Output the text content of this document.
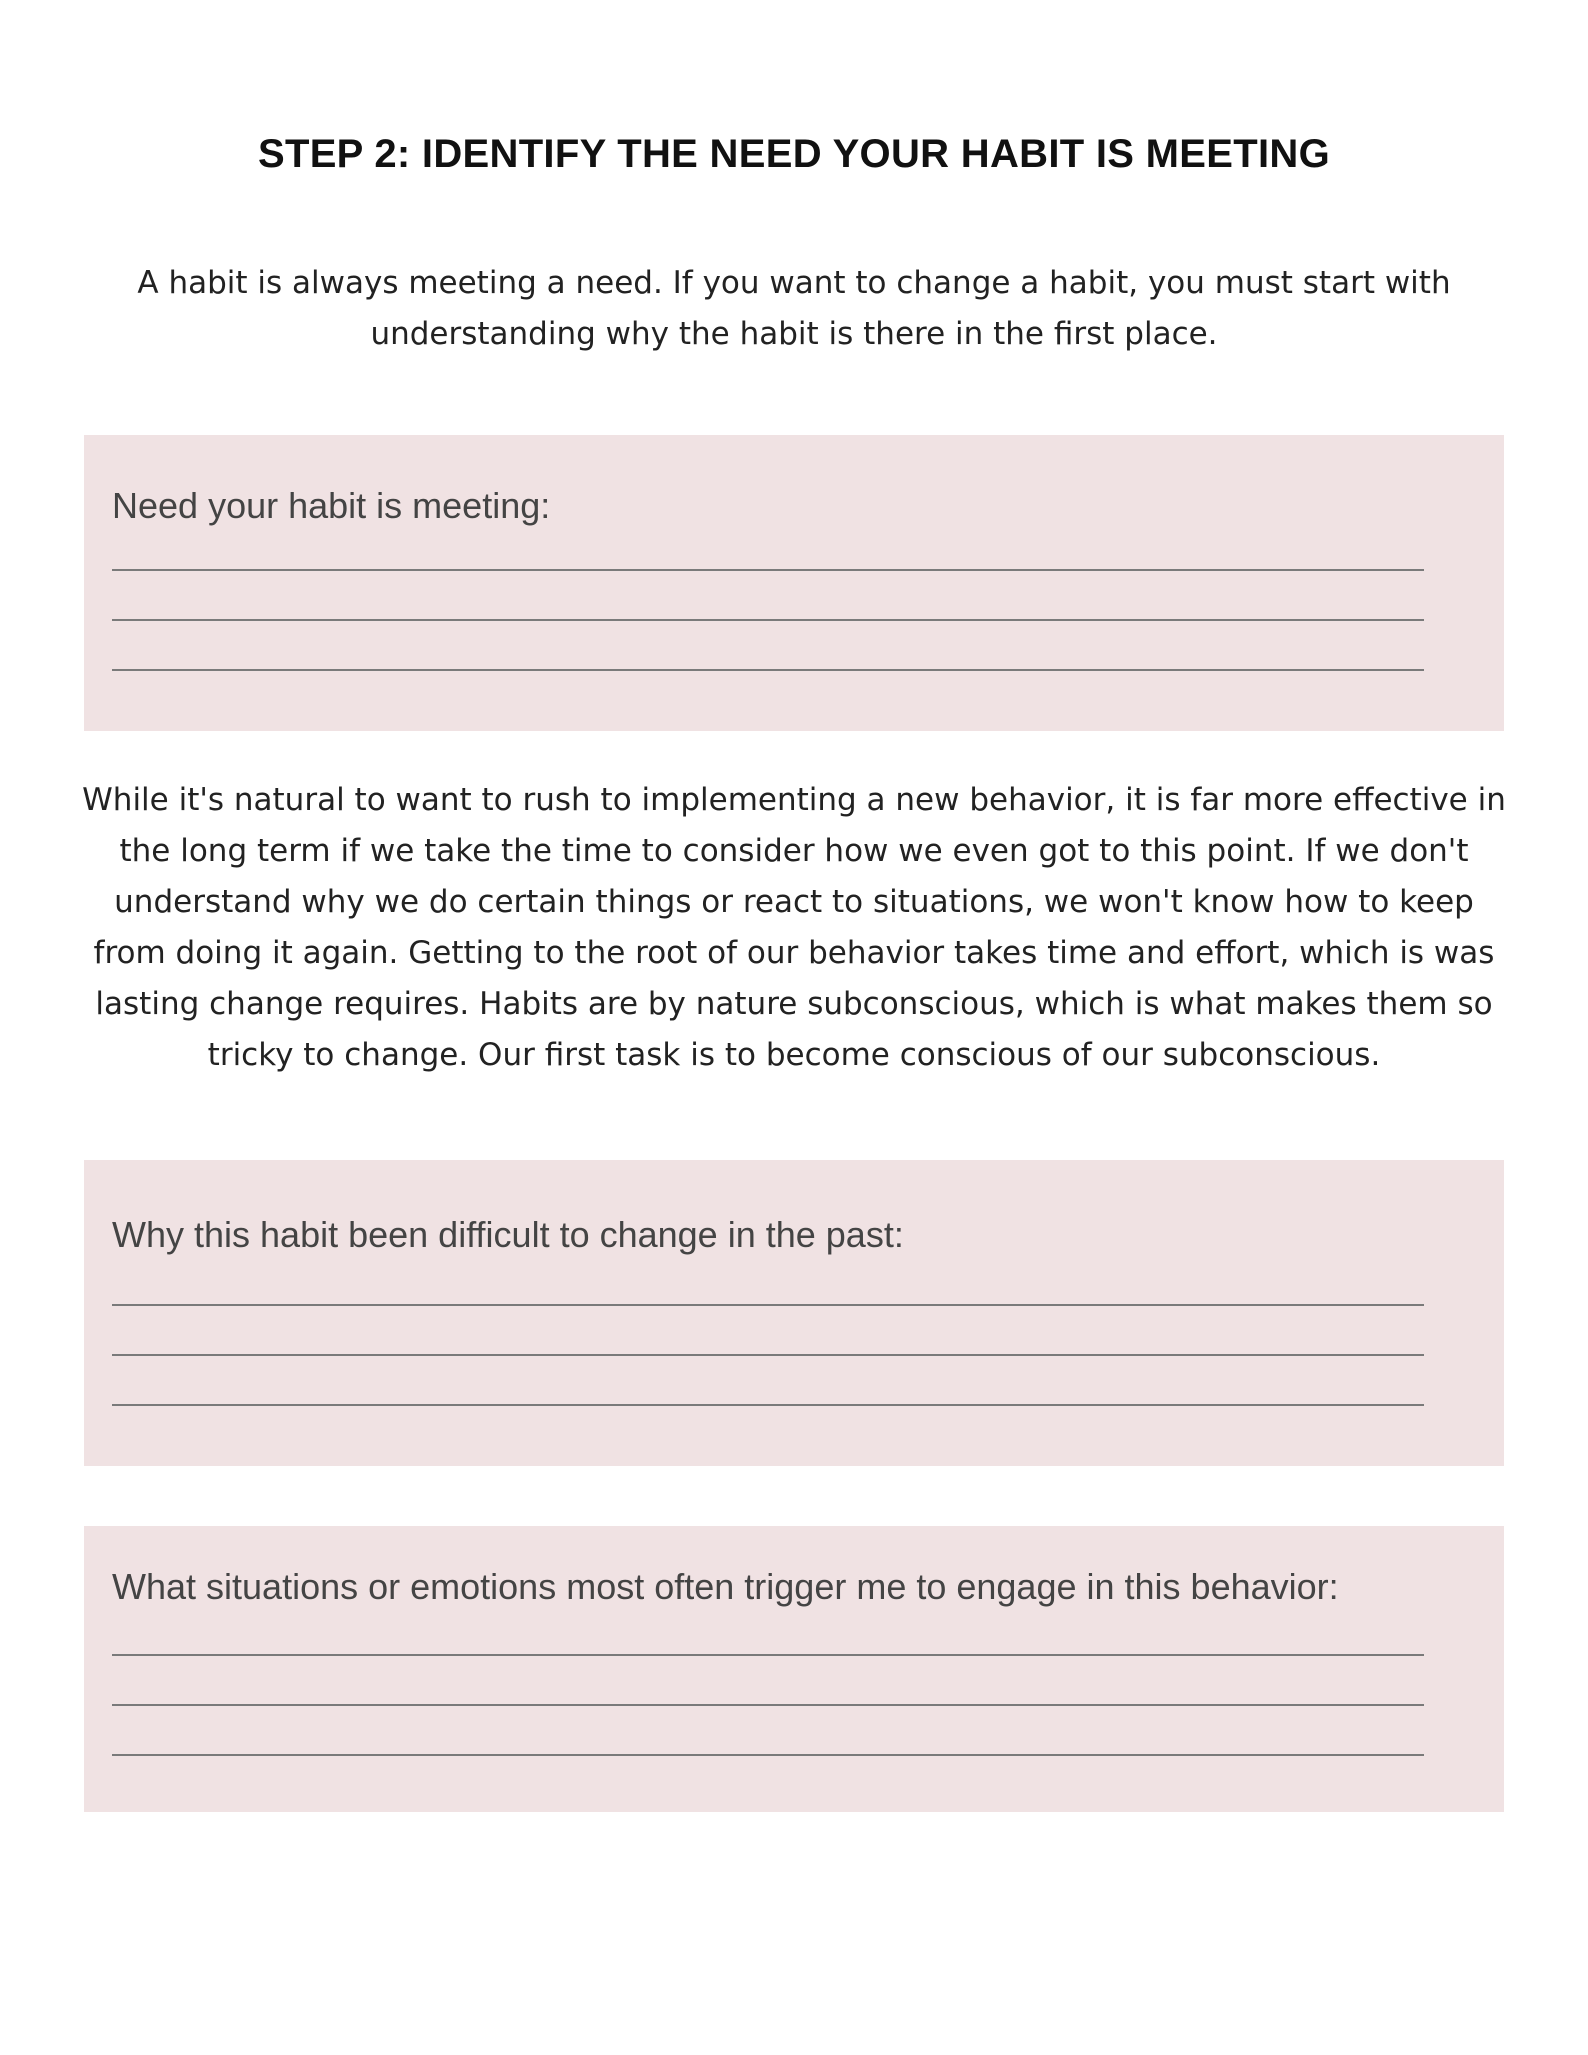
STEP 2: IDENTIFY THE NEED YOUR HABIT IS MEETING

A habit is always meeting a need. If you want to change a habit, you must start with understanding why the habit is there in the first place.

Need your habit is meeting:

While it's natural to want to rush to implementing a new behavior, it is far more effective in the long term if we take the time to consider how we even got to this point. If we don't understand why we do certain things or react to situations, we won't know how to keep from doing it again. Getting to the root of our behavior takes time and effort, which is was lasting change requires. Habits are by nature subconscious, which is what makes them so tricky to change. Our first task is to become conscious of our subconscious.

Why this habit been difficult to change in the past:

What situations or emotions most often trigger me to engage in this behavior:
